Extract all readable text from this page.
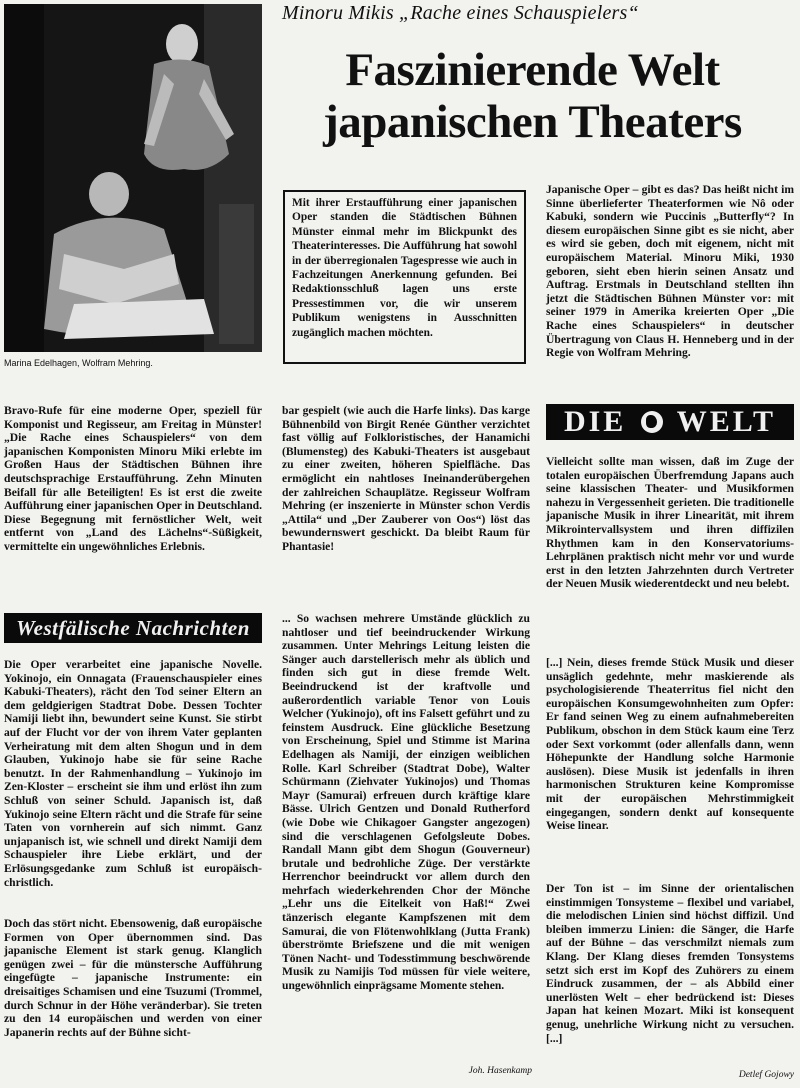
Marina Edelhagen, Wolfram Mehring.
Minoru Mikis „Rache eines Schauspielers“
Faszinierende Welt
japanischen Theaters
Mit ihrer Erstaufführung einer japanischen Oper standen die Städtischen Bühnen Münster einmal mehr im Blickpunkt des Theaterinteresses. Die Aufführung hat sowohl in der überregionalen Tagespresse wie auch in Fachzeitungen Anerkennung gefunden. Bei Redaktionsschluß lagen uns erste Pressestimmen vor, die wir unserem Publikum wenigstens in Ausschnitten zugänglich machen möchten.
Japanische Oper – gibt es das? Das heißt nicht im Sinne überlieferter Theaterformen wie Nô oder Kabuki, sondern wie Puccinis „Butterfly“? In diesem europäischen Sinne gibt es sie nicht, aber es wird sie geben, doch mit eigenem, nicht mit europäischem Material. Minoru Miki, 1930 geboren, sieht eben hierin seinen Ansatz und Auftrag. Erstmals in Deutschland stellten ihn jetzt die Städtischen Bühnen Münster vor: mit seiner 1979 in Amerika kreierten Oper „Die Rache eines Schauspielers“ in deutscher Übertragung von Claus H. Henneberg und in der Regie von Wolfram Mehring.
Bravo-Rufe für eine moderne Oper, speziell für Komponist und Regisseur, am Freitag in Münster! „Die Rache eines Schauspielers“ von dem japanischen Komponisten Minoru Miki erlebte im Großen Haus der Städtischen Bühnen ihre deutschsprachige Erstaufführung. Zehn Minuten Beifall für alle Beteiligten! Es ist erst die zweite Aufführung einer japanischen Oper in Deutschland. Diese Begegnung mit fernöstlicher Welt, weit entfernt von „Land des Lächelns“-Süßigkeit, vermittelte ein ungewöhnliches Erlebnis.
Westfälische Nachrichten
Die Oper verarbeitet eine japanische Novelle. Yokinojo, ein Onnagata (Frauenschauspieler eines Kabuki-Theaters), rächt den Tod seiner Eltern an dem geldgierigen Stadtrat Dobe. Dessen Tochter Namiji liebt ihn, bewundert seine Kunst. Sie stirbt auf der Flucht vor der von ihrem Vater geplanten Verheiratung mit dem alten Shogun und in dem Glauben, Yukinojo habe sie für seine Rache benutzt. In der Rahmenhandlung – Yukinojo im Zen-Kloster – erscheint sie ihm und erlöst ihn zum Schluß von seiner Schuld. Japanisch ist, daß Yukinojo seine Eltern rächt und die Strafe für seine Taten von vornherein auf sich nimmt. Ganz unjapanisch ist, wie schnell und direkt Namiji dem Schauspieler ihre Liebe erklärt, und der Erlösungsgedanke zum Schluß ist europäisch-christlich.
Doch das stört nicht. Ebensowenig, daß europäische Formen von Oper übernommen sind. Das japanische Element ist stark genug. Klanglich genügen zwei – für die münstersche Aufführung eingefügte – japanische Instrumente: ein dreisaitiges Schamisen und eine Tsuzumi (Trommel, durch Schnur in der Höhe veränderbar). Sie treten zu den 14 europäischen und werden von einer Japanerin rechts auf der Bühne sicht-
bar gespielt (wie auch die Harfe links). Das karge Bühnenbild von Birgit Renée Günther verzichtet fast völlig auf Folkloristisches, der Hanamichi (Blumensteg) des Kabuki-Theaters ist ausgebaut zu einer zweiten, höheren Spielfläche. Das ermöglicht ein nahtloses Ineinanderübergehen der zahlreichen Schauplätze. Regisseur Wolfram Mehring (er inszenierte in Münster schon Verdis „Attila“ und „Der Zauberer von Oos“) löst das bewundernswert geschickt. Da bleibt Raum für Phantasie!
... So wachsen mehrere Umstände glücklich zu nahtloser und tief beeindruckender Wirkung zusammen. Unter Mehrings Leitung leisten die Sänger auch darstellerisch mehr als üblich und finden sich gut in diese fremde Welt. Beeindruckend ist der kraftvolle und außerordentlich variable Tenor von Louis Welcher (Yukinojo), oft ins Falsett geführt und zu feinstem Ausdruck. Eine glückliche Besetzung von Erscheinung, Spiel und Stimme ist Marina Edelhagen als Namiji, der einzigen weiblichen Rolle. Karl Schreiber (Stadtrat Dobe), Walter Schürmann (Ziehvater Yukinojos) und Thomas Mayr (Samurai) erfreuen durch kräftige klare Bässe. Ulrich Gentzen und Donald Rutherford (wie Dobe wie Chikagoer Gangster angezogen) sind die verschlagenen Gefolgsleute Dobes. Randall Mann gibt dem Shogun (Gouverneur) brutale und bedrohliche Züge. Der verstärkte Herrenchor beeindruckt vor allem durch den mehrfach wiederkehrenden Chor der Mönche „Lehr uns die Eitelkeit von Haß!“ Zwei tänzerisch elegante Kampfszenen mit dem Samurai, die von Flötenwohlklang (Jutta Frank) überströmte Briefszene und die mit wenigen Tönen Nacht- und Todesstimmung beschwörende Musik zu Namijis Tod müssen für viele weitere, ungewöhnlich einprägsame Momente stehen.
Joh. Hasenkamp
DIE WELT
Vielleicht sollte man wissen, daß im Zuge der totalen europäischen Überfremdung Japans auch seine klassischen Theater- und Musikformen nahezu in Vergessenheit gerieten. Die traditionelle japanische Musik in ihrer Linearität, mit ihrem Mikrointervallsystem und ihren diffizilen Rhythmen kam in den Konservatoriums-Lehrplänen praktisch nicht mehr vor und wurde erst in den letzten Jahrzehnten durch Vertreter der Neuen Musik wiederentdeckt und neu belebt.
[...] Nein, dieses fremde Stück Musik und dieser unsäglich gedehnte, mehr maskierende als psychologisierende Theaterritus fiel nicht den europäischen Konsumgewohnheiten zum Opfer: Er fand seinen Weg zu einem aufnahmebereiten Publikum, obschon in dem Stück kaum eine Terz oder Sext vorkommt (oder allenfalls dann, wenn Höhepunkte der Handlung solche Harmonie auslösen). Diese Musik ist jedenfalls in ihren harmonischen Strukturen keine Kompromisse mit der europäischen Mehrstimmigkeit eingegangen, sondern denkt auf konsequente Weise linear.
Der Ton ist – im Sinne der orientalischen einstimmigen Tonsysteme – flexibel und variabel, die melodischen Linien sind höchst diffizil. Und bleiben immerzu Linien: die Sänger, die Harfe auf der Bühne – das verschmilzt niemals zum Klang. Der Klang dieses fremden Tonsystems setzt sich erst im Kopf des Zuhörers zu einem Eindruck zusammen, der – als Abbild einer unerlösten Welt – eher bedrückend ist: Dieses Japan hat keinen Mozart. Miki ist konsequent genug, unehrliche Wirkung nicht zu versuchen. [...]
Detlef Gojowy
